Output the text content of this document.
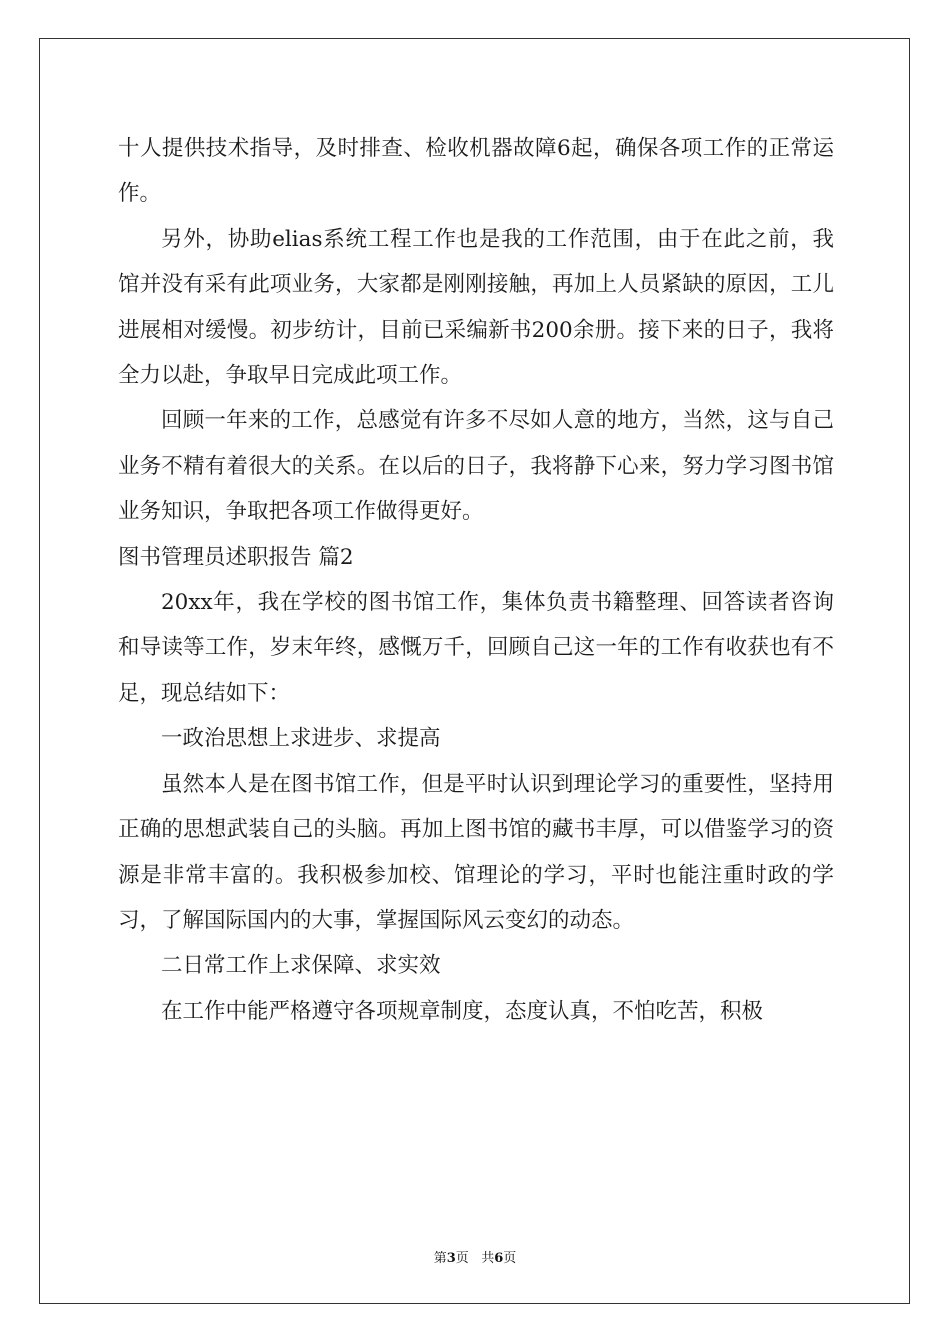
十人提供技术指导，及时排查、检收机器故障6起，确保各项工作的正常运作。

另外，协助elias系统工程工作也是我的工作范围，由于在此之前，我馆并没有采有此项业务，大家都是刚刚接触，再加上人员紧缺的原因，工儿进展相对缓慢。初步纺计，目前已采编新书200余册。接下来的日子，我将全力以赴，争取早日完成此项工作。

回顾一年来的工作，总感觉有许多不尽如人意的地方，当然，这与自己业务不精有着很大的关系。在以后的日子，我将静下心来，努力学习图书馆业务知识，争取把各项工作做得更好。

图书管理员述职报告 篇2

20xx年，我在学校的图书馆工作，集体负责书籍整理、回答读者咨询和导读等工作，岁末年终，感慨万千，回顾自己这一年的工作有收获也有不足，现总结如下：

一政治思想上求进步、求提高

虽然本人是在图书馆工作，但是平时认识到理论学习的重要性，坚持用正确的思想武装自己的头脑。再加上图书馆的藏书丰厚，可以借鉴学习的资源是非常丰富的。我积极参加校、馆理论的学习，平时也能注重时政的学习，了解国际国内的大事，掌握国际风云变幻的动态。

二日常工作上求保障、求实效

在工作中能严格遵守各项规章制度，态度认真，不怕吃苦，积极

第3页 共6页
